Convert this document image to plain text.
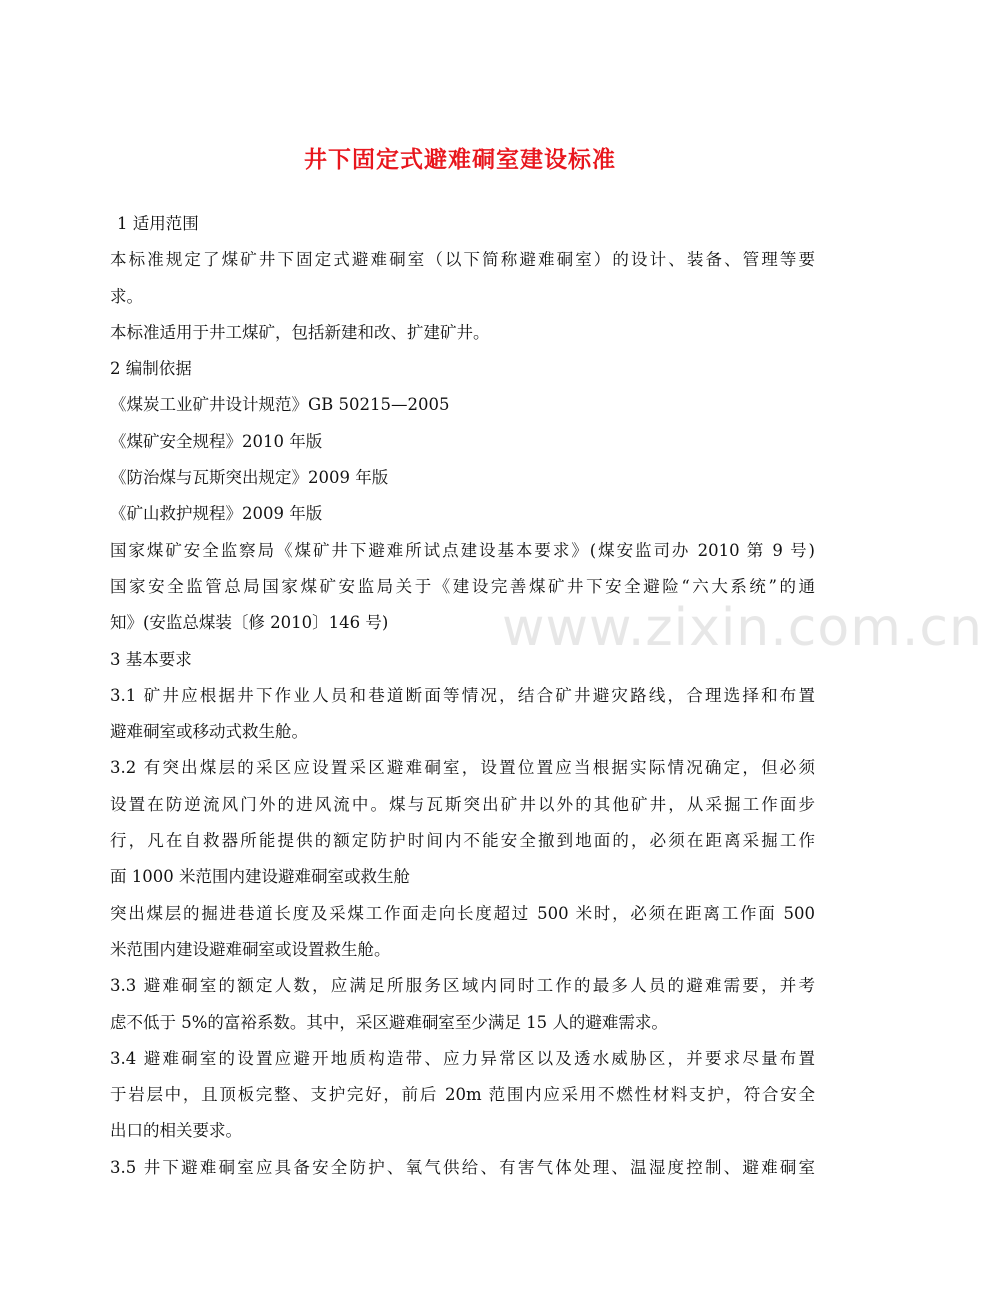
www.zixin.com.cn
井下固定式避难硐室建设标准
1 适用范围
本标准规定了煤矿井下固定式避难硐室（以下简称避难硐室）的设计、装备、管理等要
求。
本标准适用于井工煤矿，包括新建和改、扩建矿井。
2 编制依据
《煤炭工业矿井设计规范》GB 50215—2005
《煤矿安全规程》2010 年版
《防治煤与瓦斯突出规定》2009 年版
《矿山救护规程》2009 年版
国家煤矿安全监察局《煤矿井下避难所试点建设基本要求》(煤安监司办 2010 第 9 号)
国家安全监管总局国家煤矿安监局关于《建设完善煤矿井下安全避险“六大系统”的通
知》(安监总煤装〔修 2010〕146 号)
3 基本要求
3.1 矿井应根据井下作业人员和巷道断面等情况，结合矿井避灾路线，合理选择和布置
避难硐室或移动式救生舱。
3.2 有突出煤层的采区应设置采区避难硐室，设置位置应当根据实际情况确定，但必须
设置在防逆流风门外的进风流中。煤与瓦斯突出矿井以外的其他矿井，从采掘工作面步
行，凡在自救器所能提供的额定防护时间内不能安全撤到地面的，必须在距离采掘工作
面 1000 米范围内建设避难硐室或救生舱
突出煤层的掘进巷道长度及采煤工作面走向长度超过 500 米时，必须在距离工作面 500
米范围内建设避难硐室或设置救生舱。
3.3 避难硐室的额定人数，应满足所服务区域内同时工作的最多人员的避难需要，并考
虑不低于 5%的富裕系数。其中，采区避难硐室至少满足 15 人的避难需求。
3.4 避难硐室的设置应避开地质构造带、应力异常区以及透水威胁区，并要求尽量布置
于岩层中，且顶板完整、支护完好，前后 20m 范围内应采用不燃性材料支护，符合安全
出口的相关要求。
3.5 井下避难硐室应具备安全防护、氧气供给、有害气体处理、温湿度控制、避难硐室
